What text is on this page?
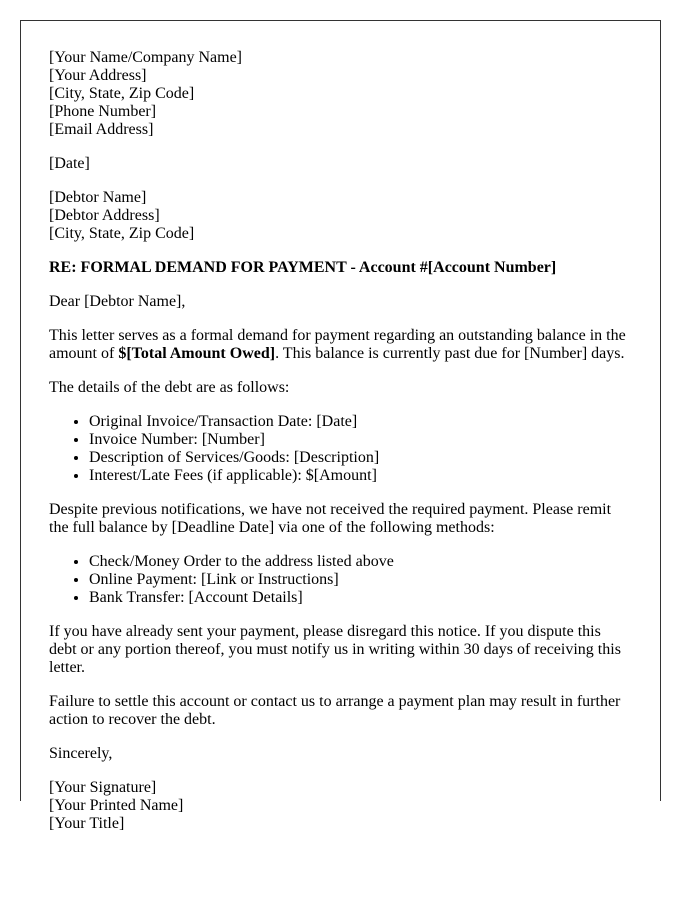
[Your Name/Company Name]
[Your Address]
[City, State, Zip Code]
[Phone Number]
[Email Address]

[Date]

[Debtor Name]
[Debtor Address]
[City, State, Zip Code]

RE: FORMAL DEMAND FOR PAYMENT - Account #[Account Number]

Dear [Debtor Name],

This letter serves as a formal demand for payment regarding an outstanding balance in the amount of $[Total Amount Owed]. This balance is currently past due for [Number] days.

The details of the debt are as follows:

• Original Invoice/Transaction Date: [Date]
• Invoice Number: [Number]
• Description of Services/Goods: [Description]
• Interest/Late Fees (if applicable): $[Amount]

Despite previous notifications, we have not received the required payment. Please remit the full balance by [Deadline Date] via one of the following methods:

• Check/Money Order to the address listed above
• Online Payment: [Link or Instructions]
• Bank Transfer: [Account Details]

If you have already sent your payment, please disregard this notice. If you dispute this debt or any portion thereof, you must notify us in writing within 30 days of receiving this letter.

Failure to settle this account or contact us to arrange a payment plan may result in further action to recover the debt.

Sincerely,

[Your Signature]
[Your Printed Name]
[Your Title]
